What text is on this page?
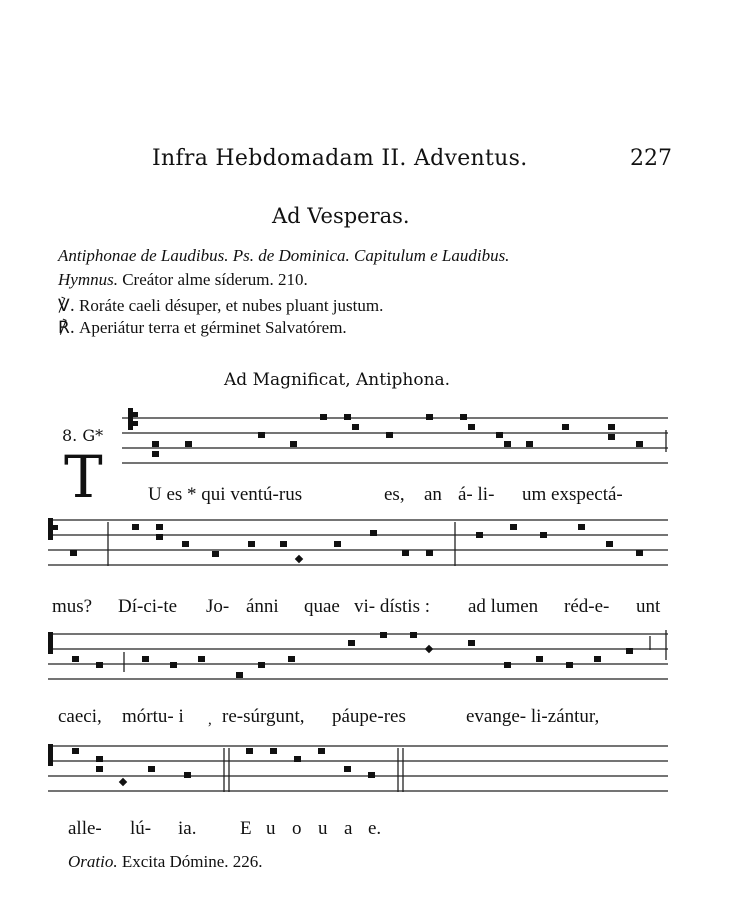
Infra Hebdomadam II. Adventus.	227
Ad Vesperas.
Antiphonae de Laudibus. Ps. de Dominica. Capitulum e Laudibus.
Hymnus. Creátor alme síderum. 210.
℣. Roráte caeli désuper, et nubes pluant justum.
℟. Aperiátur terra et gérminet Salvatórem.
Ad Magnificat, Antiphona.
8. G*
T U es * qui ventú-rus	es, an á- li- um exspectá-
mus? Dí-ci-te Jo- ánni quae vi- dístis : ad lumen réd-e- unt
caeci, mórtu- i , re-súrgunt, páupe-res	evange- li-zántur,
alle- lú- ia. E u o u a e.
Oratio. Excita Dómine. 226.
